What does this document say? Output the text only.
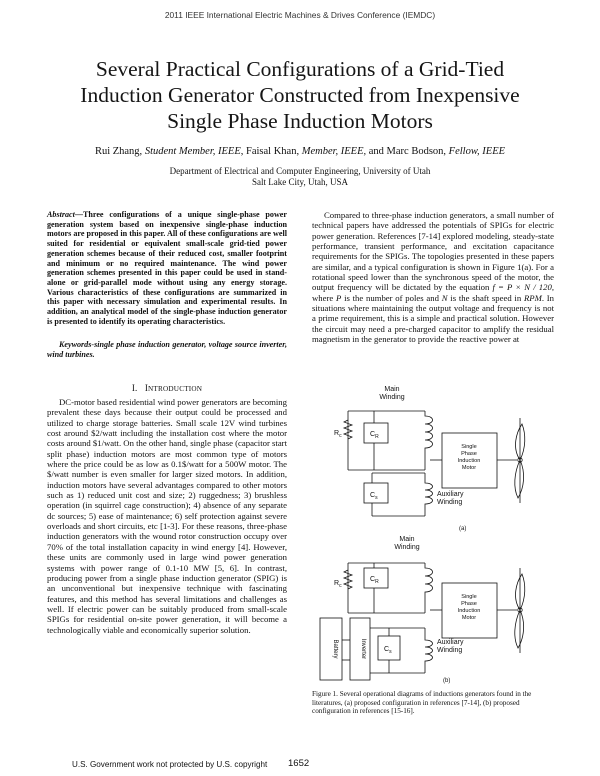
2011 IEEE International Electric Machines & Drives Conference (IEMDC)
Several Practical Configurations of a Grid-Tied
Induction Generator Constructed from Inexpensive
Single Phase Induction Motors
Rui Zhang, Student Member, IEEE, Faisal Khan, Member, IEEE, and Marc Bodson, Fellow, IEEE
Department of Electrical and Computer Engineering, University of Utah
Salt Lake City, Utah, USA
Abstract—Three configurations of a unique single-phase power generation system based on inexpensive single-phase induction motors are proposed in this paper. All of these configurations are well suited for residential or equivalent small-scale grid-tied power generation schemes because of their reduced cost, smaller footprint and minimum or no required maintenance. The wind power generation schemes presented in this paper could be used in stand-alone or grid-parallel mode without using any energy storage. Various characteristics of these configurations are summarized in this paper with necessary simulation and experimental results. In addition, an analytical model of the single-phase induction generator is presented to identify its operating characteristics.
Keywords-single phase induction generator, voltage source inverter, wind turbines.
I. INTRODUCTION
DC-motor based residential wind power generators are becoming prevalent these days because their output could be processed and utilized to charge storage batteries. Small scale 12V wind turbines cost around $2/watt including the installation cost where the motor costs around $1/watt. On the other hand, single phase (capacitor start split phase) induction motors are most common type of motors where the price could be as low as 0.1$/watt for a 500W motor. The $/watt number is even smaller for larger sized motors. In addition, induction motors have several advantages compared to other motors such as 1) reduced unit cost and size; 2) ruggedness; 3) brushless operation (in squirrel cage construction); 4) absence of any separate dc sources; 5) ease of maintenance; 6) self protection against severe overloads and short circuits, etc [1-3]. For these reasons, three-phase induction generators with the wound rotor construction occupy over 70% of the total installation capacity in wind energy [4]. However, these units are commonly used in large wind power generation systems with power range of 0.1-10 MW [5, 6]. In contrast, producing power from a single phase induction generator (SPIG) is an unconventional but inexpensive technique with fascinating features, and this method has several limitations and challenges as well. If electric power can be suitably produced from small-scale SPIGs for residential on-site power generation, it will become a technologically viable and economically superior solution.
Compared to three-phase induction generators, a small number of technical papers have addressed the potentials of SPIGs for electric power generation. References [7-14] explored modeling, steady-state performance, transient performance, and excitation capacitance requirements for the SPIGs. The topologies presented in these papers are similar, and a typical configuration is shown in Figure 1(a). For a rotational speed lower than the synchronous speed of the motor, the output frequency will be dictated by the equation f = P × N / 120, where P is the number of poles and N is the shaft speed in RPM. In situations where maintaining the output voltage and frequency is not a prime requirement, this is a simple and practical solution. However the circuit may need a pre-charged capacitor to amplify the residual magnetism in the generator to provide the reactive power at
Main
Winding
$R_c$	$C_R$
Single
Phase
Induction
Motor
$C_s$	Auxiliary
Winding
(a)
Main
Winding
$R_c$
$C_R$
Single
Phase
Induction
Motor
Battery	Inverter	$C_s$
Auxiliary
Winding
(b)
Figure 1. Several operational diagrams of inductions generators found in the literatures, (a) proposed configuration in references [7-14], (b) proposed configuration in references [15-16].
U.S. Government work not protected by U.S. copyright 1652
